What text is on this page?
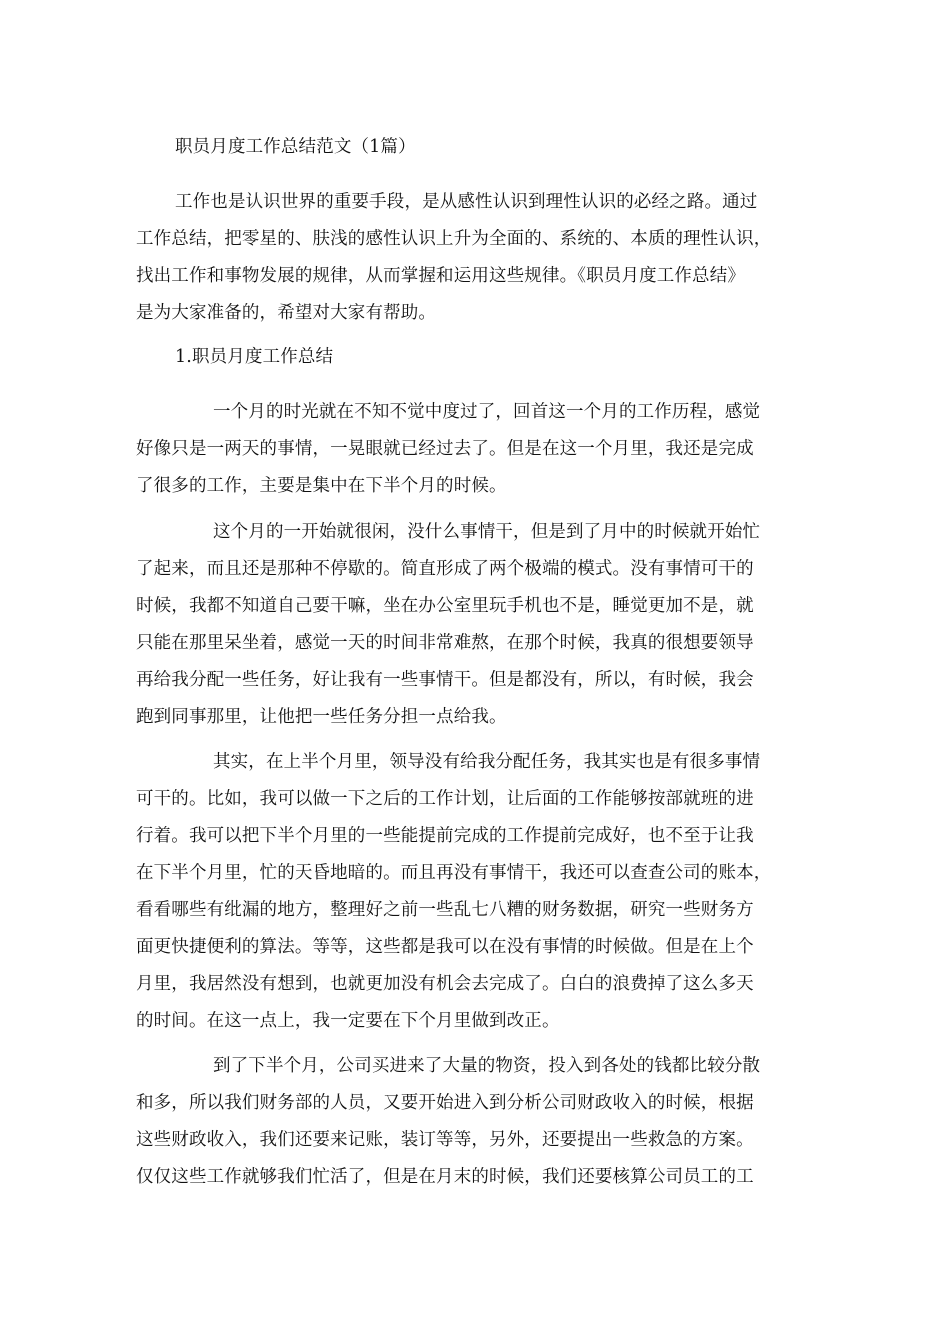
职员月度工作总结范文（1篇）
工作也是认识世界的重要手段，是从感性认识到理性认识的必经之路。通过
工作总结，把零星的、肤浅的感性认识上升为全面的、系统的、本质的理性认识，
找出工作和事物发展的规律，从而掌握和运用这些规律。《职员月度工作总结》
是为大家准备的，希望对大家有帮助。
1.职员月度工作总结
一个月的时光就在不知不觉中度过了，回首这一个月的工作历程，感觉
好像只是一两天的事情，一晃眼就已经过去了。但是在这一个月里，我还是完成
了很多的工作，主要是集中在下半个月的时候。
这个月的一开始就很闲，没什么事情干，但是到了月中的时候就开始忙
了起来，而且还是那种不停歇的。简直形成了两个极端的模式。没有事情可干的
时候，我都不知道自己要干嘛，坐在办公室里玩手机也不是，睡觉更加不是，就
只能在那里呆坐着，感觉一天的时间非常难熬，在那个时候，我真的很想要领导
再给我分配一些任务，好让我有一些事情干。但是都没有，所以，有时候，我会
跑到同事那里，让他把一些任务分担一点给我。
其实，在上半个月里，领导没有给我分配任务，我其实也是有很多事情
可干的。比如，我可以做一下之后的工作计划，让后面的工作能够按部就班的进
行着。我可以把下半个月里的一些能提前完成的工作提前完成好，也不至于让我
在下半个月里，忙的天昏地暗的。而且再没有事情干，我还可以查查公司的账本，
看看哪些有纰漏的地方，整理好之前一些乱七八糟的财务数据，研究一些财务方
面更快捷便利的算法。等等，这些都是我可以在没有事情的时候做。但是在上个
月里，我居然没有想到，也就更加没有机会去完成了。白白的浪费掉了这么多天
的时间。在这一点上，我一定要在下个月里做到改正。
到了下半个月，公司买进来了大量的物资，投入到各处的钱都比较分散
和多，所以我们财务部的人员，又要开始进入到分析公司财政收入的时候，根据
这些财政收入，我们还要来记账，装订等等，另外，还要提出一些救急的方案。
仅仅这些工作就够我们忙活了，但是在月末的时候，我们还要核算公司员工的工
